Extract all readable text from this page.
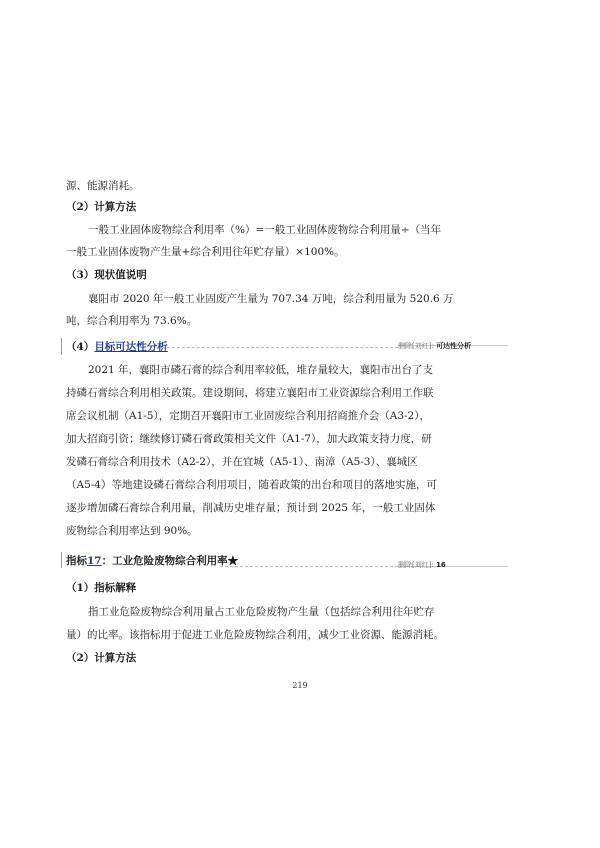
源、能源消耗。
（2）计算方法
一般工业固体废物综合利用率（%）=一般工业固体废物综合利用量÷（当年
一般工业固体废物产生量+综合利用往年贮存量）×100%。
（3）现状值说明
襄阳市 2020 年一般工业固废产生量为 707.34 万吨，综合利用量为 520.6 万
吨，综合利用率为 73.6%。
（4）目标可达性分析	删除[刘红]: 可达性分析
2021 年，襄阳市磷石膏的综合利用率较低，堆存量较大，襄阳市出台了支
持磷石膏综合利用相关政策。建设期间，将建立襄阳市工业资源综合利用工作联
席会议机制（A1-5），定期召开襄阳市工业固废综合利用招商推介会（A3-2），
加大招商引资；继续修订磷石膏政策相关文件（A1-7），加大政策支持力度，研
发磷石膏综合利用技术（A2-2），并在宜城（A5-1）、南漳（A5-3）、襄城区
（A5-4）等地建设磷石膏综合利用项目，随着政策的出台和项目的落地实施，可
逐步增加磷石膏综合利用量，削减历史堆存量；预计到 2025 年，一般工业固体
废物综合利用率达到 90%。
指标17：工业危险废物综合利用率★	删除[刘红]: 16
（1）指标解释
指工业危险废物综合利用量占工业危险废物产生量（包括综合利用往年贮存
量）的比率。该指标用于促进工业危险废物综合利用，减少工业资源、能源消耗。
（2）计算方法
219
